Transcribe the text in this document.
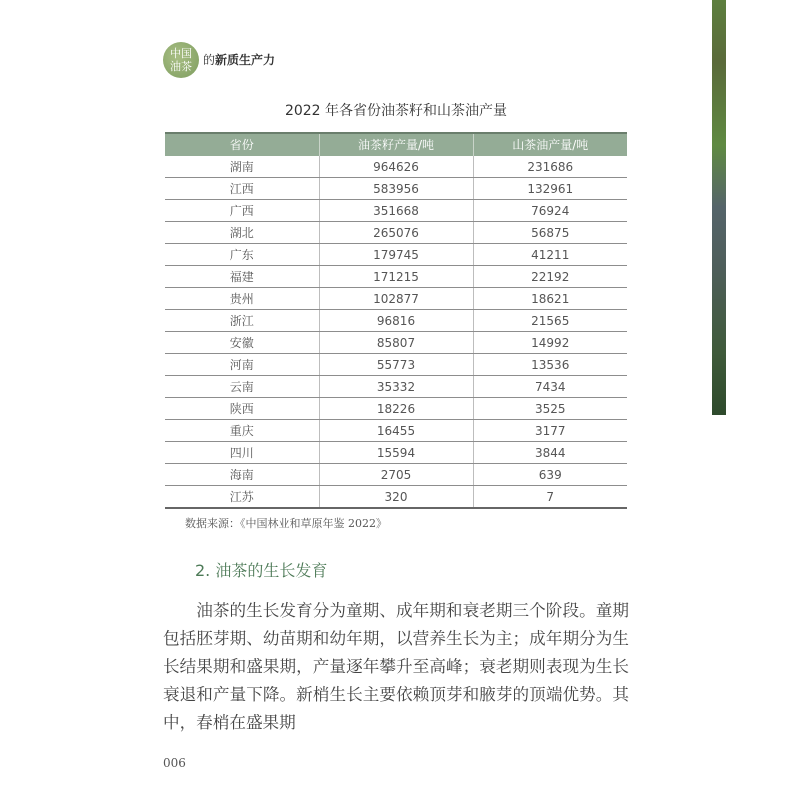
中国
油茶 的新质生产力
2022 年各省份油茶籽和山茶油产量
省份	油茶籽产量/吨	山茶油产量/吨
湖南	964626	231686
江西	583956	132961
广西	351668	76924
湖北	265076	56875
广东	179745	41211
福建	171215	22192
贵州	102877	18621
浙江	96816	21565
安徽	85807	14992
河南	55773	13536
云南	35332	7434
陕西	18226	3525
重庆	16455	3177
四川	15594	3844
海南	2705	639
江苏	320	7
数据来源：《中国林业和草原年鉴 2022》
2. 油茶的生长发育

油茶的生长发育分为童期、成年期和衰老期三个阶段。童期包括胚芽期、幼苗期和幼年期，以营养生长为主；成年期分为生长结果期和盛果期，产量逐年攀升至高峰；衰老期则表现为生长衰退和产量下降。新梢生长主要依赖顶芽和腋芽的顶端优势。其中，春梢在盛果期

006
